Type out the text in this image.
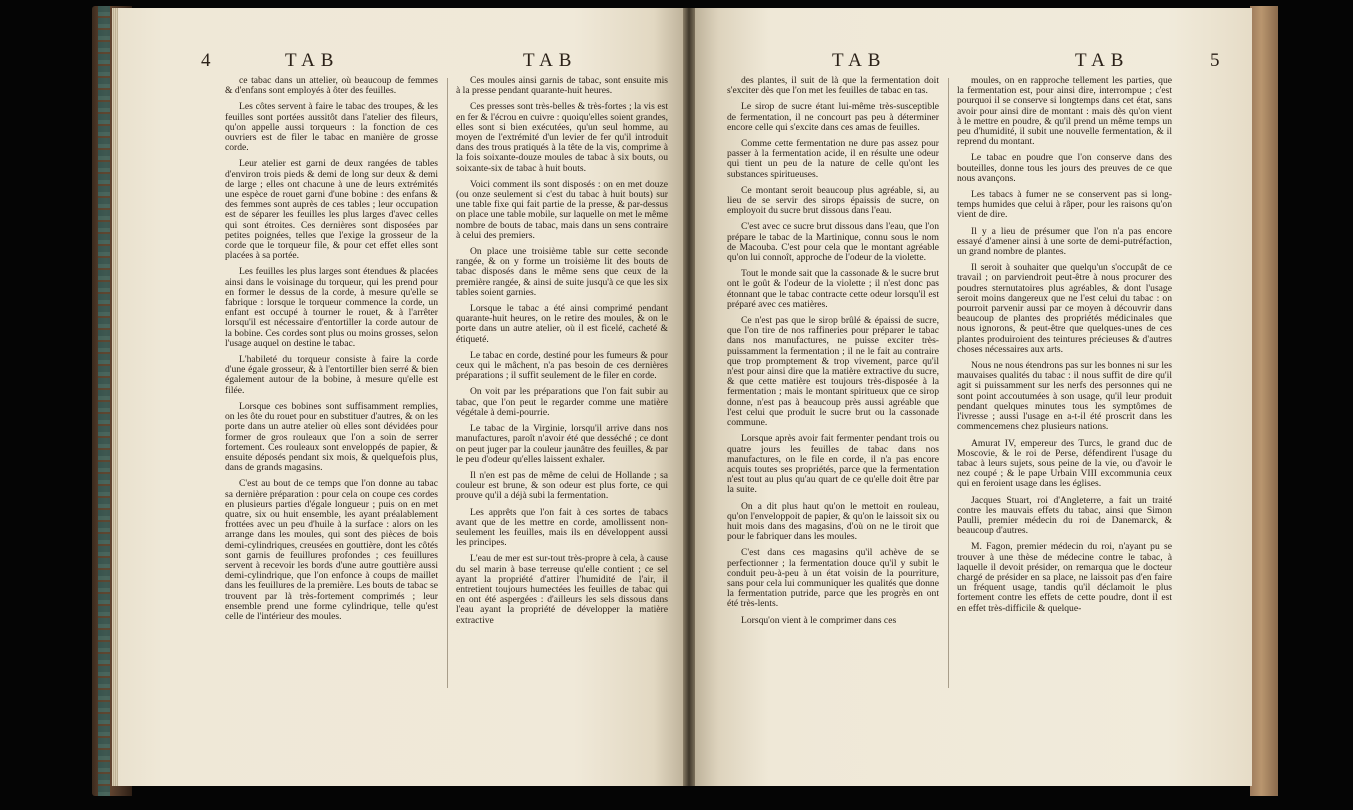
4	TAB	TAB	TAB	TAB	5

ce tabac dans un attelier, où beaucoup de femmes & d'enfans sont employés à ôter des feuilles.

Les côtes servent à faire le tabac des troupes, & les feuilles sont portées aussitôt dans l'atelier des fileurs, qu'on appelle aussi torqueurs : la fonction de ces ouvriers est de filer le tabac en manière de grosse corde.

Leur atelier est garni de deux rangées de tables d'environ trois pieds & demi de long sur deux & demi de large ; elles ont chacune à une de leurs extrémités une espèce de rouet garni d'une bobine : des enfans & des femmes sont auprès de ces tables ; leur occupation est de séparer les feuilles les plus larges d'avec celles qui sont étroites. Ces dernières sont disposées par petites poignées, telles que l'exige la grosseur de la corde que le torqueur file, & pour cet effet elles sont placées à sa portée.

Les feuilles les plus larges sont étendues & placées ainsi dans le voisinage du torqueur, qui les prend pour en former le dessus de la corde, à mesure qu'elle se fabrique : lorsque le torqueur commence la corde, un enfant est occupé à tourner le rouet, & à l'arrêter lorsqu'il est nécessaire d'entortiller la corde autour de la bobine. Ces cordes sont plus ou moins grosses, selon l'usage auquel on destine le tabac.

L'habileté du torqueur consiste à faire la corde d'une égale grosseur, & à l'entortiller bien serré & bien également autour de la bobine, à mesure qu'elle est filée.

Lorsque ces bobines sont suffisamment remplies, on les ôte du rouet pour en substituer d'autres, & on les porte dans un autre atelier où elles sont dévidées pour former de gros rouleaux que l'on a soin de serrer fortement. Ces rouleaux sont enveloppés de papier, & ensuite déposés pendant six mois, & quelquefois plus, dans de grands magasins.

C'est au bout de ce temps que l'on donne au tabac sa dernière préparation : pour cela on coupe ces cordes en plusieurs parties d'égale longueur ; puis on en met quatre, six ou huit ensemble, les ayant préalablement frottées avec un peu d'huile à la surface : alors on les arrange dans les moules, qui sont des pièces de bois demi-cylindriques, creusées en gouttière, dont les côtés sont garnis de feuillures profondes ; ces feuillures servent à recevoir les bords d'une autre gouttière aussi demi-cylindrique, que l'on enfonce à coups de maillet dans les feuillures de la première. Les bouts de tabac se trouvent par là très-fortement comprimés ; leur ensemble prend une forme cylindrique, telle qu'est celle de l'intérieur des moules.

Ces moules ainsi garnis de tabac, sont ensuite mis à la presse pendant quarante-huit heures.

Ces presses sont très-belles & très-fortes ; la vis est en fer & l'écrou en cuivre : quoiqu'elles soient grandes, elles sont si bien exécutées, qu'un seul homme, au moyen de l'extrémité d'un levier de fer qu'il introduit dans des trous pratiqués à la tête de la vis, comprime à la fois soixante-douze moules de tabac à six bouts, ou soixante-six de tabac à huit bouts.

Voici comment ils sont disposés : on en met douze (ou onze seulement si c'est du tabac à huit bouts) sur une table fixe qui fait partie de la presse, & par-dessus on place une table mobile, sur laquelle on met le même nombre de bouts de tabac, mais dans un sens contraire à celui des premiers.

On place une troisième table sur cette seconde rangée, & on y forme un troisième lit des bouts de tabac disposés dans le même sens que ceux de la première rangée, & ainsi de suite jusqu'à ce que les six tables soient garnies.

Lorsque le tabac a été ainsi comprimé pendant quarante-huit heures, on le retire des moules, & on le porte dans un autre atelier, où il est ficelé, cacheté & étiqueté.

Le tabac en corde, destiné pour les fumeurs & pour ceux qui le mâchent, n'a pas besoin de ces dernières préparations ; il suffit seulement de le filer en corde.

On voit par les préparations que l'on fait subir au tabac, que l'on peut le regarder comme une matière végétale à demi-pourrie.

Le tabac de la Virginie, lorsqu'il arrive dans nos manufactures, paroît n'avoir été que desséché ; ce dont on peut juger par la couleur jaunâtre des feuilles, & par le peu d'odeur qu'elles laissent exhaler.

Il n'en est pas de même de celui de Hollande ; sa couleur est brune, & son odeur est plus forte, ce qui prouve qu'il a déjà subi la fermentation.

Les apprêts que l'on fait à ces sortes de tabacs avant que de les mettre en corde, amollissent non-seulement les feuilles, mais ils en développent aussi les principes.

L'eau de mer est sur-tout très-propre à cela, à cause du sel marin à base terreuse qu'elle contient ; ce sel ayant la propriété d'attirer l'humidité de l'air, il entretient toujours humectées les feuilles de tabac qui en ont été aspergées : d'ailleurs les sels dissous dans l'eau ayant la propriété de développer la matière extractive

des plantes, il suit de là que la fermentation doit s'exciter dès que l'on met les feuilles de tabac en tas.

Le sirop de sucre étant lui-même très-susceptible de fermentation, il ne concourt pas peu à déterminer encore celle qui s'excite dans ces amas de feuilles.

Comme cette fermentation ne dure pas assez pour passer à la fermentation acide, il en résulte une odeur qui tient un peu de la nature de celle qu'ont les substances spiritueuses.

Ce montant seroit beaucoup plus agréable, si, au lieu de se servir des sirops épaissis de sucre, on employoit du sucre brut dissous dans l'eau.

C'est avec ce sucre brut dissous dans l'eau, que l'on prépare le tabac de la Martinique, connu sous le nom de Macouba. C'est pour cela que le montant agréable qu'on lui connoît, approche de l'odeur de la violette.

Tout le monde sait que la cassonade & le sucre brut ont le goût & l'odeur de la violette ; il n'est donc pas étonnant que le tabac contracte cette odeur lorsqu'il est préparé avec ces matières.

Ce n'est pas que le sirop brûlé & épaissi de sucre, que l'on tire de nos raffineries pour préparer le tabac dans nos manufactures, ne puisse exciter très-puissamment la fermentation ; il ne le fait au contraire que trop promptement & trop vivement, parce qu'il n'est pour ainsi dire que la matière extractive du sucre, & que cette matière est toujours très-disposée à la fermentation ; mais le montant spiritueux que ce sirop donne, n'est pas à beaucoup près aussi agréable que l'est celui que produit le sucre brut ou la cassonade commune.

Lorsque après avoir fait fermenter pendant trois ou quatre jours les feuilles de tabac dans nos manufactures, on le file en corde, il n'a pas encore acquis toutes ses propriétés, parce que la fermentation n'est tout au plus qu'au quart de ce qu'elle doit être par la suite.

On a dit plus haut qu'on le mettoit en rouleau, qu'on l'enveloppoit de papier, & qu'on le laissoit six ou huit mois dans des magasins, d'où on ne le tiroit que pour le fabriquer dans les moules.

C'est dans ces magasins qu'il achève de se perfectionner ; la fermentation douce qu'il y subit le conduit peu-à-peu à un état voisin de la pourriture, sans pour cela lui communiquer les qualités que donne la fermentation putride, parce que les progrès en ont été très-lents.

Lorsqu'on vient à le comprimer dans ces

moules, on en rapproche tellement les parties, que la fermentation est, pour ainsi dire, interrompue ; c'est pourquoi il se conserve si longtemps dans cet état, sans avoir pour ainsi dire de montant : mais dès qu'on vient à le mettre en poudre, & qu'il prend un même temps un peu d'humidité, il subit une nouvelle fermentation, & il reprend du montant.

Le tabac en poudre que l'on conserve dans des bouteilles, donne tous les jours des preuves de ce que nous avançons.

Les tabacs à fumer ne se conservent pas si long-temps humides que celui à râper, pour les raisons qu'on vient de dire.

Il y a lieu de présumer que l'on n'a pas encore essayé d'amener ainsi à une sorte de demi-putréfaction, un grand nombre de plantes.

Il seroit à souhaiter que quelqu'un s'occupât de ce travail ; on parviendroit peut-être à nous procurer des poudres sternutatoires plus agréables, & dont l'usage seroit moins dangereux que ne l'est celui du tabac : on pourroit parvenir aussi par ce moyen à découvrir dans beaucoup de plantes des propriétés médicinales que nous ignorons, & peut-être que quelques-unes de ces plantes produiroient des teintures précieuses & d'autres choses nécessaires aux arts.

Nous ne nous étendrons pas sur les bonnes ni sur les mauvaises qualités du tabac : il nous suffit de dire qu'il agit si puissamment sur les nerfs des personnes qui ne sont point accoutumées à son usage, qu'il leur produit pendant quelques minutes tous les symptômes de l'ivresse ; aussi l'usage en a-t-il été proscrit dans les commencemens chez plusieurs nations.

Amurat IV, empereur des Turcs, le grand duc de Moscovie, & le roi de Perse, défendirent l'usage du tabac à leurs sujets, sous peine de la vie, ou d'avoir le nez coupé ; & le pape Urbain VIII excommunia ceux qui en feroient usage dans les églises.

Jacques Stuart, roi d'Angleterre, a fait un traité contre les mauvais effets du tabac, ainsi que Simon Paulli, premier médecin du roi de Danemarck, & beaucoup d'autres.

M. Fagon, premier médecin du roi, n'ayant pu se trouver à une thèse de médecine contre le tabac, à laquelle il devoit présider, on remarqua que le docteur chargé de présider en sa place, ne laissoit pas d'en faire un fréquent usage, tandis qu'il déclamoit le plus fortement contre les effets de cette poudre, dont il est en effet très-difficile & quelque-
